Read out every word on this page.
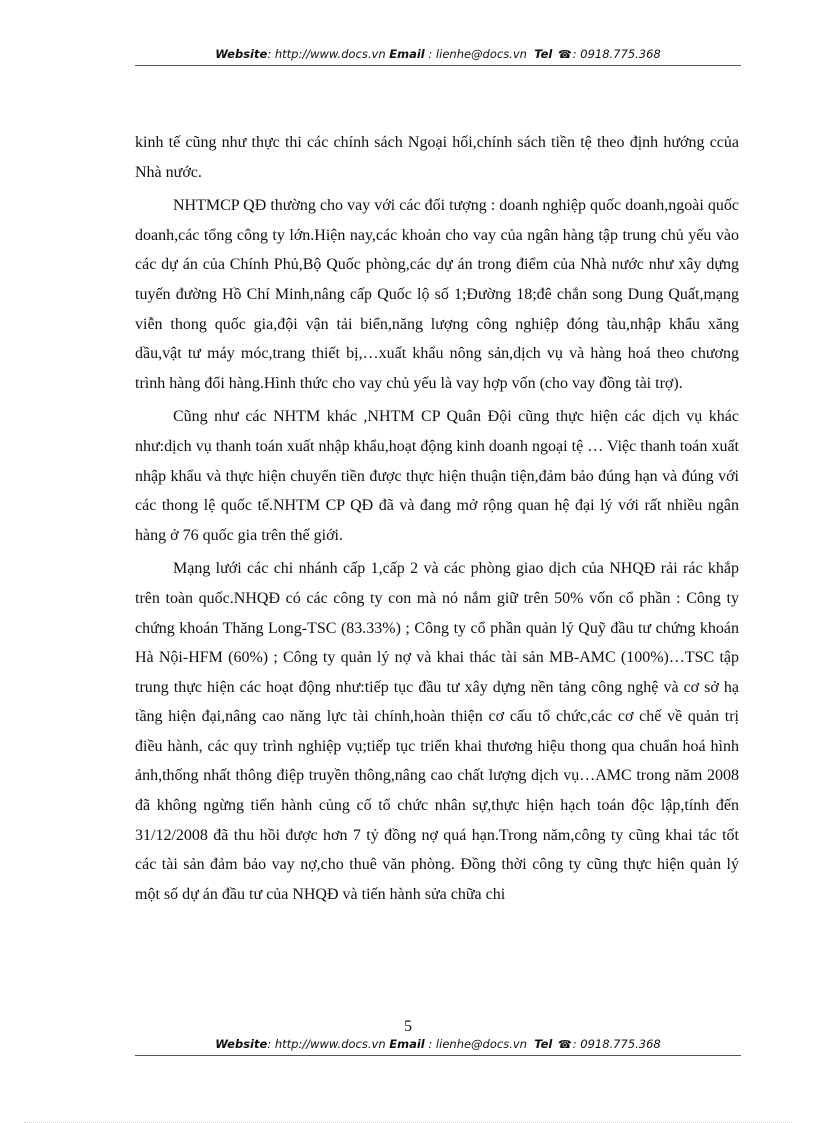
Website: http://www.docs.vn Email : lienhe@docs.vn Tel ☎: 0918.775.368

kinh tế cũng như thực thi các chính sách Ngoại hối,chính sách tiền tệ theo định hướng ccủa Nhà nước.

NHTMCP QĐ thường cho vay với các đối tượng : doanh nghiệp quốc doanh,ngoài quốc doanh,các tổng công ty lớn.Hiện nay,các khoản cho vay của ngân hàng tập trung chủ yếu vào các dự án của Chính Phủ,Bộ Quốc phòng,các dự án trong điểm của Nhà nước như xây dựng tuyến đường Hồ Chí Minh,nâng cấp Quốc lộ số 1;Đường 18;đê chắn song Dung Quất,mạng viễn thong quốc gia,đội vận tải biển,năng lượng công nghiệp đóng tàu,nhập khẩu xăng dầu,vật tư máy móc,trang thiết bị,…xuất khẩu nông sản,dịch vụ và hàng hoá theo chương trình hàng đổi hàng.Hình thức cho vay chủ yếu là vay hợp vốn (cho vay đồng tài trợ).

Cũng như các NHTM khác ,NHTM CP Quân Đội cũng thực hiện các dịch vụ khác như:dịch vụ thanh toán xuất nhập khẩu,hoạt động kinh doanh ngoại tệ … Việc thanh toán xuất nhập khẩu và thực hiện chuyển tiền được thực hiện thuận tiện,đảm bảo đúng hạn và đúng với các thong lệ quốc tế.NHTM CP QĐ đã và đang mở rộng quan hệ đại lý với rất nhiều ngân hàng ở 76 quốc gia trên thế giới.

Mạng lưới các chi nhánh cấp 1,cấp 2 và các phòng giao dịch của NHQĐ rải rác khắp trên toàn quốc.NHQĐ có các công ty con mà nó nắm giữ trên 50% vốn cổ phần : Công ty chứng khoán Thăng Long-TSC (83.33%) ; Công ty cổ phần quản lý Quỹ đầu tư chứng khoán Hà Nội-HFM (60%) ; Công ty quản lý nợ và khai thác tài sản MB-AMC (100%)…TSC tập trung thực hiện các hoạt động như:tiếp tục đầu tư xây dựng nền tảng công nghệ và cơ sở hạ tầng hiện đại,nâng cao năng lực tài chính,hoàn thiện cơ cấu tổ chức,các cơ chế về quản trị điều hành, các quy trình nghiệp vụ;tiếp tục triển khai thương hiệu thong qua chuẩn hoá hình ảnh,thống nhất thông điệp truyền thông,nâng cao chất lượng dịch vụ…AMC trong năm 2008 đã không ngừng tiến hành củng cố tổ chức nhân sự,thực hiện hạch toán độc lập,tính đến 31/12/2008 đã thu hồi được hơn 7 tỷ đồng nợ quá hạn.Trong năm,công ty cũng khai tác tốt các tài sản đảm bảo vay nợ,cho thuê văn phòng. Đồng thời công ty cũng thực hiện quản lý một số dự án đầu tư của NHQĐ và tiến hành sửa chữa chi

5
Website: http://www.docs.vn Email : lienhe@docs.vn Tel ☎: 0918.775.368
